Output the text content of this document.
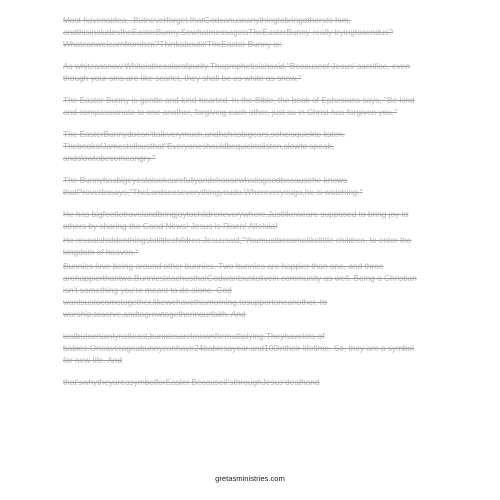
Most havenoidea...Butneverforget.thatGodcanuseanythingtobringotherstо him, andthisincludestheEasterBunny.SowhatmessageisTheEasterBunny really tryingtosendus?Whatcanwelearnfromhim?Thinkaboutit!TheEaster Bunny is:

As whiteassnow.Whiteisthecolorofpurity.Theprophetisiahsaid,"Becauseof Jesus' sacrifice, even though your sins are like scarlet, they shall be as white as snow."

The Easter Bunny is gentle and kind-hearted. In the Bible, the book of Ephesians says, "Be kind and compassionate to one another, forgiving each other, just as in Christ has forgiven you."

The EasterBunnydoesn'ttalkverymuch,andhehasbigears,soheisquickto listen. ThebookofJamestellsusthat"Everyoneshouldbequicktolisten,slowto speak, andslowtobecomeangry."

The Bunnyhasbigeyestolookcarefullyandchoosewhatisgoodbecausehe knows thatProverbssays,"TheLordseeseverythingyoudo.Whereveryougo,he is watching."

He has bigfeettotravelandbringjoytochildreneverywhere.Justlikeweare supposed to bring joy to others by sharing the Good News! Jesus is Risen! Alleluia!

He revealshiddenthingstolittlechildren.Jesussaid,"Youmustbecomelikelittle children, to enter the kingdom of heaven."

Bunnies love being around other bunnies. Two bunnies are happier than one, and three arehappierthantwo.BunniesteachusthatGodwantsustolivein community as well. Being a Christian isn't something you're meant to do alone. God wantsustocometogether,likewehavethismorning,tosupportoneanother, to worship,toserve,andtogrowtogetherinourfaith. And

lastbutcertainlynotleast,bunniesareknownformultiplying.Theyhavelots of babies.Oneaverageabunnycanhave24babiesayear.and100intheir lifetime. So, they are a symbol for new life. And

that'swhytheyareasymbolforEaster.Becauseit'sthroughJesus'deathand

gretasministries.com
